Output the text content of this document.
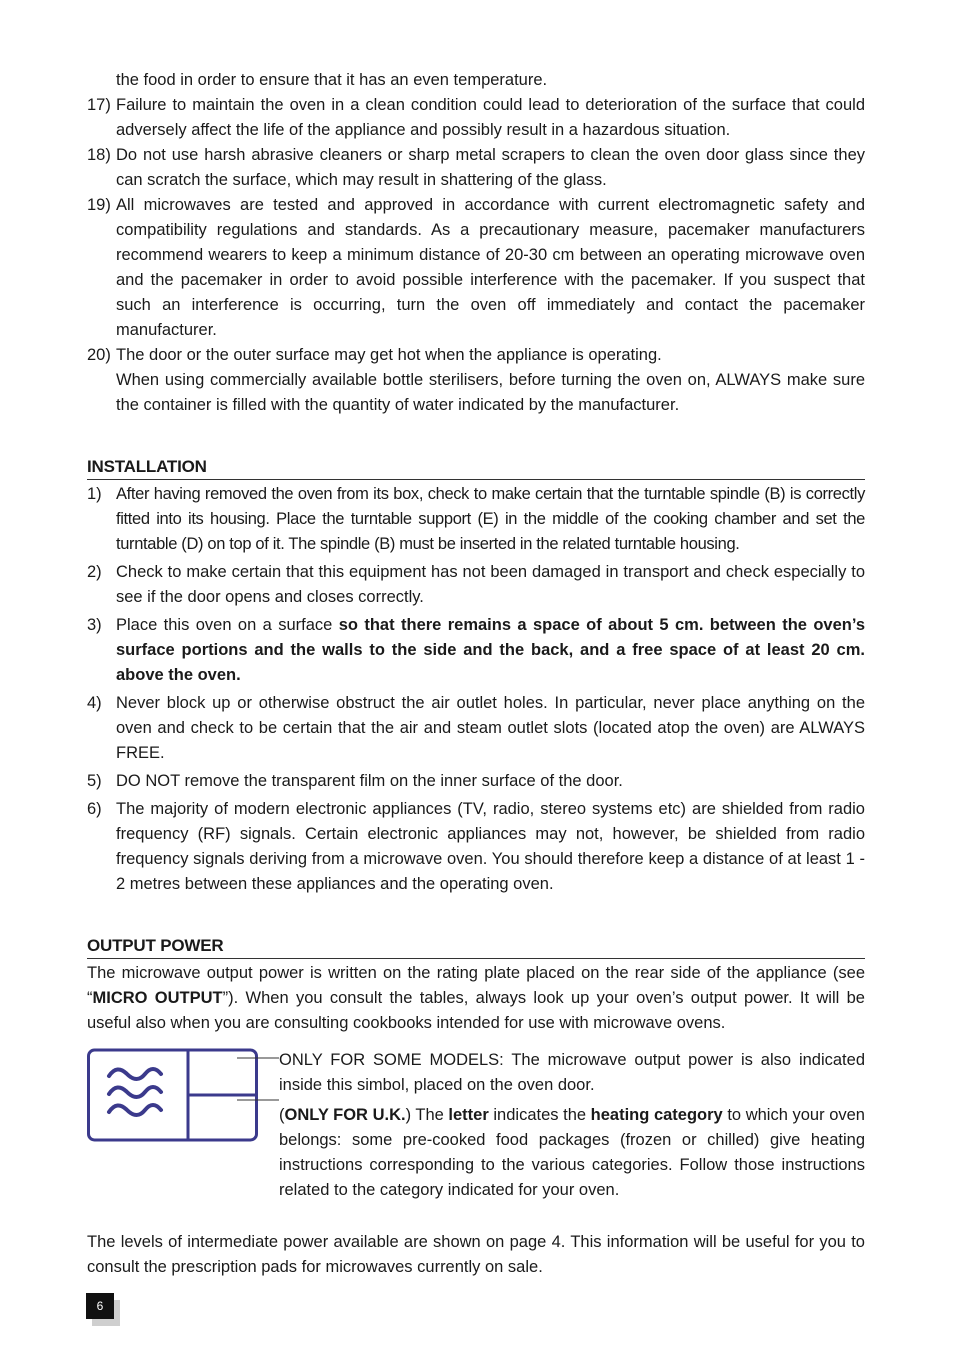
the food in order to ensure that it has an even temperature.
17) Failure to maintain the oven in a clean condition could lead to deterioration of the surface that could adversely affect the life of the appliance and possibly result in a hazardous situation.
18) Do not use harsh abrasive cleaners or sharp metal scrapers to clean the oven door glass since they can scratch the surface, which may result in shattering of the glass.
19) All microwaves are tested and approved in accordance with current electromagnetic safety and compatibility regulations and standards. As a precautionary measure, pacemaker manufacturers recommend wearers to keep a minimum distance of 20-30 cm between an operating microwave oven and the pacemaker in order to avoid possible interference with the pacemaker. If you suspect that such an interference is occurring, turn the oven off immediately and contact the pacemaker manufacturer.
20) The door or the outer surface may get hot when the appliance is operating.
When using commercially available bottle sterilisers, before turning the oven on, ALWAYS make sure the container is filled with the quantity of water indicated by the manufacturer.
INSTALLATION
1) After having removed the oven from its box, check to make certain that the turntable spindle (B) is correctly fitted into its housing. Place the turntable support (E) in the middle of the cooking chamber and set the turntable (D) on top of it. The spindle (B) must be inserted in the related turntable housing.
2) Check to make certain that this equipment has not been damaged in transport and check especially to see if the door opens and closes correctly.
3) Place this oven on a surface so that there remains a space of about 5 cm. between the oven’s surface portions and the walls to the side and the back, and a free space of at least 20 cm. above the oven.
4) Never block up or otherwise obstruct the air outlet holes. In particular, never place anything on the oven and check to be certain that the air and steam outlet slots (located atop the oven) are ALWAYS FREE.
5) DO NOT remove the transparent film on the inner surface of the door.
6) The majority of modern electronic appliances (TV, radio, stereo systems etc) are shielded from radio frequency (RF) signals. Certain electronic appliances may not, however, be shielded from radio frequency signals deriving from a microwave oven. You should therefore keep a distance of at least 1 - 2 metres between these appliances and the operating oven.
OUTPUT POWER
The microwave output power is written on the rating plate placed on the rear side of the appliance (see “MICRO OUTPUT”). When you consult the tables, always look up your oven’s output power. It will be useful also when you are consulting cookbooks intended for use with microwave ovens.
ONLY FOR SOME MODELS: The microwave output power is also indicated inside this simbol, placed on the oven door.
(ONLY FOR U.K.) The letter indicates the heating category to which your oven belongs: some pre-cooked food packages (frozen or chilled) give heating instructions corresponding to the various categories. Follow those instructions related to the category indicated for your oven.
The levels of intermediate power available are shown on page 4. This information will be useful for you to consult the prescription pads for microwaves currently on sale.
6
